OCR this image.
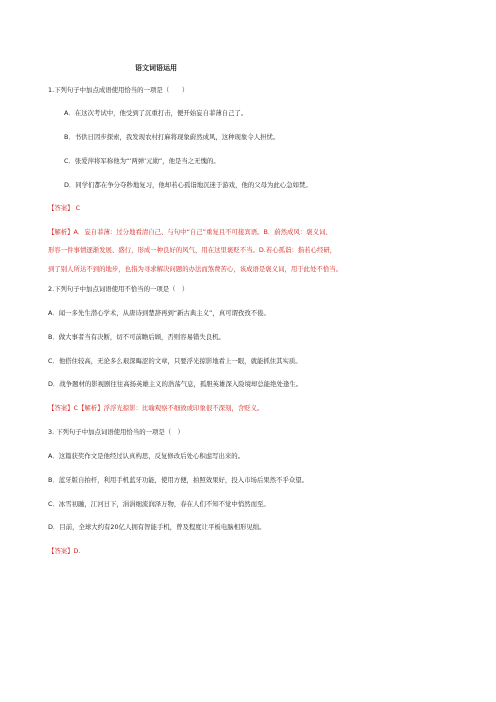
语文词语运用
1.下列句子中加点成语使用恰当的一项是（　　）
A．在这次考试中，他受到了沉重打击，便开始妄自菲薄自己了。
B．书供日因步探索，我发现农村打麻将现象蔚然成风，这种现象令人担忧。
C．张爱萍将军称他为“‘两弹’元勋”，他是当之无愧的。
D．同学们都在争分夺秒地复习，他却若心孤诣地沉迷于游戏，他的父母为此心急如焚。
【答案】 C
【解析】A．妄自菲薄：过分地看清自己、与句中“自己”重复且不可接宾语。B．蔚然成风：褒义词、
形容一件事情逐渐发展、盛行，形成一种良好的风气，用在这里褒贬不当。D.若心孤诣：指若心经研，
到了别人所达不到的地步，也指为寻求解决问题的办法而煞费苦心，该成语是褒义词，用于此处不恰当。
2.下列句子中加点词语使用不恰当的一项是（　）
A．闻一多先生潜心学术，从唐诗到楚辞再到“新古典主义”，真可谓孜孜不倦。
B．做大事者当有决断，切不可前瞻后顾，否则容易错失良机。
C．他搭住较高，无论多么艰深晦涩的文章，只要浮光掠影地看上一眼，就能抓住其实质。
D．战争题材的影视剧往往高扬英雄主义的浩荡气息，孤胆英雄深入险境却总能绝处逢生。
【答案】C【解析】浮浮光掠影：比喻观察不细致或印象很不深刻，含贬义。
3. 下列句子中加点词语使用恰当的一项是（　）
A．这篇获奖作文是他经过认真构思，反复修改后处心积虑写出来的。
B．蓝牙版自拍杆，利用手机蓝牙功能，使用方便，拍照效果好，投入市场后果然不乎众望。
C．冰雪初融，江河日下，涓涓细流润泽万物，春在人们不知不觉中悄然而至。
D．目前，全球大约有20亿人拥有智能手机，曾及程度让平板电脑相形见绌。
【答案】D.
